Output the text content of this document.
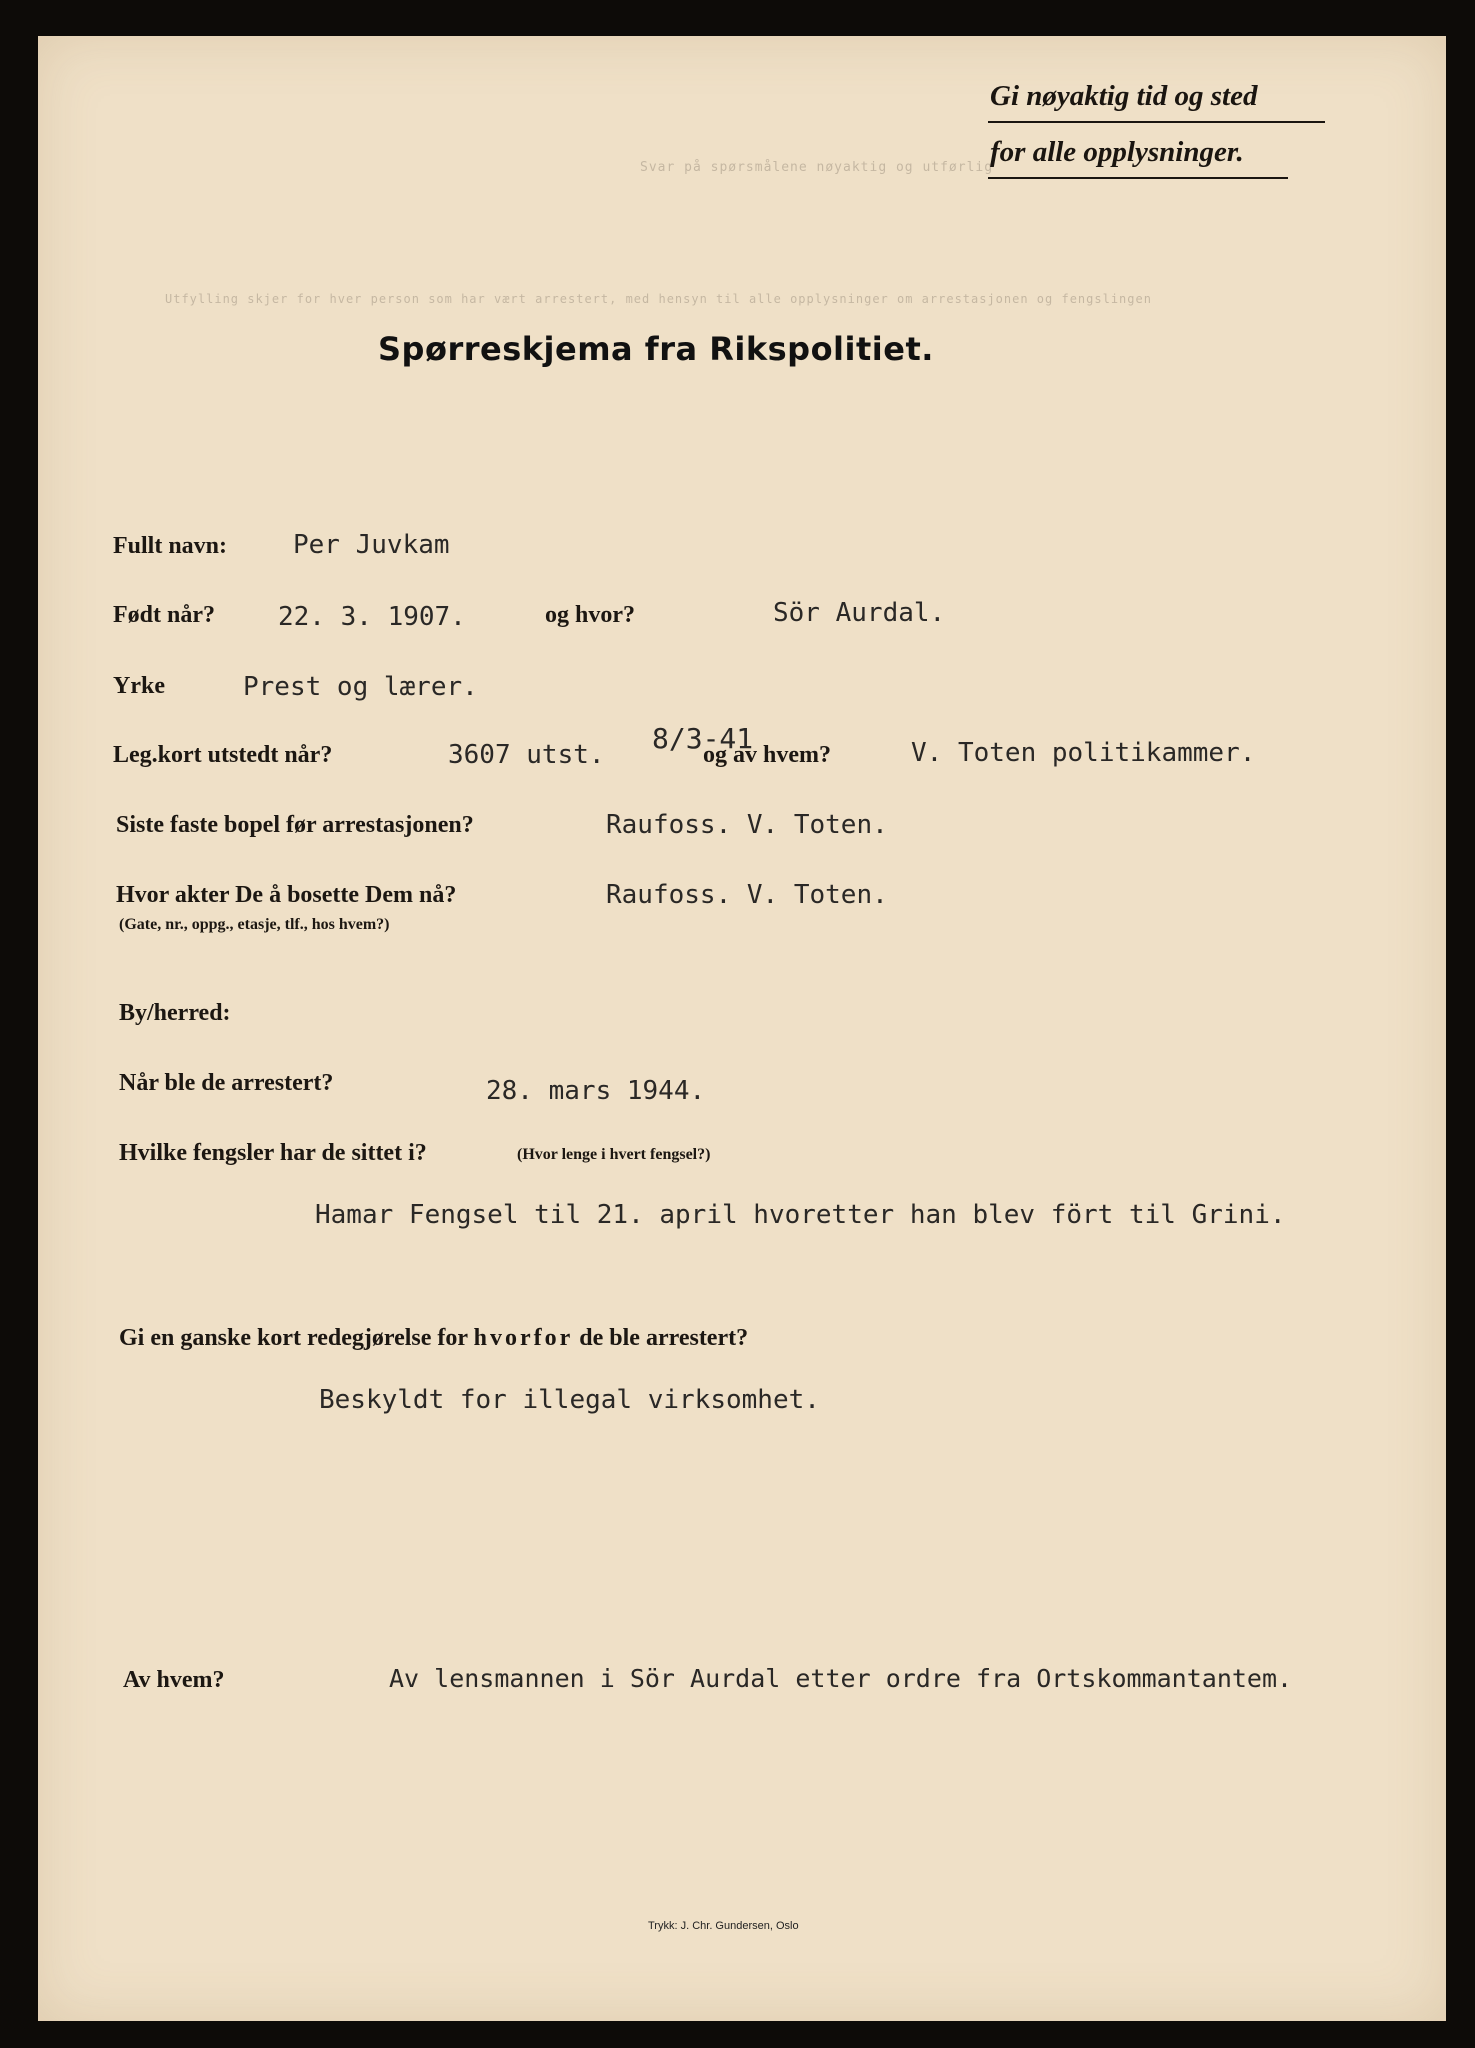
Gi nøyaktig tid og sted
for alle opplysninger.
Svar på spørsmålene nøyaktig og utførlig
Utfylling skjer for hver person som har vært arrestert, med hensyn til alle opplysninger om arrestasjonen og fengslingen
Spørreskjema fra Rikspolitiet.
Fullt navn:	Per Juvkam
Født når? 22. 3. 1907.	og hvor?	Sör Aurdal.
Yrke	Prest og lærer.
Leg.kort utstedt når?	3607 utst. 8/3-41
og av hvem?	V. Toten politikammer.
Siste faste bopel før arrestasjonen?	Raufoss. V. Toten.
Hvor akter De å bosette Dem nå?
(Gate, nr., oppg., etasje, tlf., hos hvem?)
Raufoss. V. Toten.
By/herred:
Når ble de arrestert?	28. mars 1944.
Hvilke fengsler har de sittet i?	(Hvor lenge i hvert fengsel?)
Hamar Fengsel til 21. april hvoretter han blev fört til Grini.
Gi en ganske kort redegjørelse for hvorfor de ble arrestert?
Beskyldt for illegal virksomhet.
Av hvem?	Av lensmannen i Sör Aurdal etter ordre fra Ortskommantantem.
Trykk: J. Chr. Gundersen, Oslo
